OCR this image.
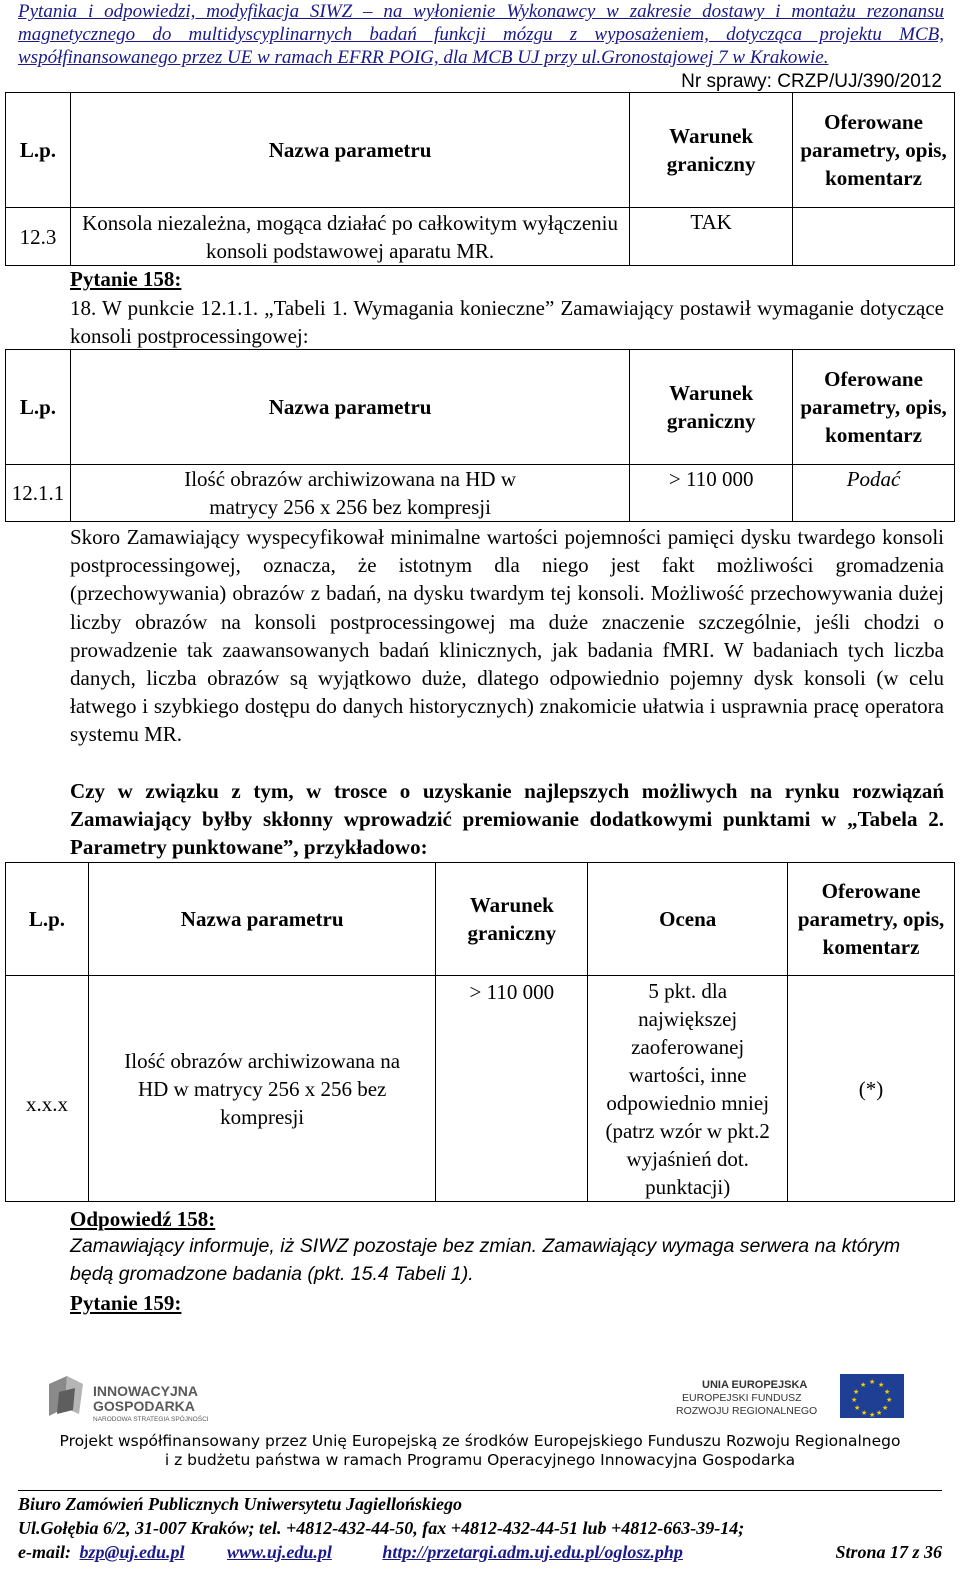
Pytania i odpowiedzi, modyfikacja SIWZ – na wyłonienie Wykonawcy w zakresie dostawy i montażu rezonansu
magnetycznego do multidyscyplinarnych badań funkcji mózgu z wyposażeniem, dotycząca projektu MCB,
współfinansowanego przez UE w ramach EFRR POIG, dla MCB UJ przy ul.Gronostajowej 7 w Krakowie.
Nr sprawy: CRZP/UJ/390/2012
L.p.	Nazwa parametru	Warunek graniczny	Oferowane parametry, opis, komentarz
12.3	Konsola niezależna, mogąca działać po całkowitym wyłączeniu konsoli podstawowej aparatu MR.	TAK	
Pytanie 158:
18. W punkcie 12.1.1. „Tabeli 1. Wymagania konieczne” Zamawiający postawił wymaganie dotyczące konsoli postprocessingowej:
L.p.	Nazwa parametru	Warunek graniczny	Oferowane parametry, opis, komentarz
12.1.1	Ilość obrazów archiwizowana na HD w matrycy 256 x 256 bez kompresji	> 110 000	Podać
Skoro Zamawiający wyspecyfikował minimalne wartości pojemności pamięci dysku twardego konsoli postprocessingowej, oznacza, że istotnym dla niego jest fakt możliwości gromadzenia (przechowywania) obrazów z badań, na dysku twardym tej konsoli. Możliwość przechowywania dużej liczby obrazów na konsoli postprocessingowej ma duże znaczenie szczególnie, jeśli chodzi o prowadzenie tak zaawansowanych badań klinicznych, jak badania fMRI. W badaniach tych liczba danych, liczba obrazów są wyjątkowo duże, dlatego odpowiednio pojemny dysk konsoli (w celu łatwego i szybkiego dostępu do danych historycznych) znakomicie ułatwia i usprawnia pracę operatora systemu MR.
Czy w związku z tym, w trosce o uzyskanie najlepszych możliwych na rynku rozwiązań Zamawiający byłby skłonny wprowadzić premiowanie dodatkowymi punktami w „Tabela 2. Parametry punktowane”, przykładowo:
L.p.	Nazwa parametru	Warunek graniczny	Ocena	Oferowane parametry, opis, komentarz
x.x.x	Ilość obrazów archiwizowana na HD w matrycy 256 x 256 bez kompresji	> 110 000	5 pkt. dla największej zaoferowanej wartości, inne odpowiednio mniej (patrz wzór w pkt.2 wyjaśnień dot. punktacji)	(*)
Odpowiedź 158:
Zamawiający informuje, iż SIWZ pozostaje bez zmian. Zamawiający wymaga serwera na którym będą gromadzone badania (pkt. 15.4 Tabeli 1).
Pytanie 159:
INNOWACYJNA
GOSPODARKA
NARODOWA STRATEGIA SPÓJNOŚCI
UNIA EUROPEJSKA
EUROPEJSKI FUNDUSZ
ROZWOJU REGIONALNEGO
★ ★
★
★
★
★
★
★
★
★
★
★
Projekt współfinansowany przez Unię Europejską ze środków Europejskiego Funduszu Rozwoju Regionalnego
i z budżetu państwa w ramach Programu Operacyjnego Innowacyjna Gospodarka
Biuro Zamówień Publicznych Uniwersytetu Jagiellońskiego
Ul.Gołębia 6/2, 31-007 Kraków; tel. +4812-432-44-50, fax +4812-432-44-51 lub +4812-663-39-14;
e-mail: bzp@uj.edu.pl www.uj.edu.pl	http://przetargi.adm.uj.edu.pl/oglosz.php	Strona 17 z 36
